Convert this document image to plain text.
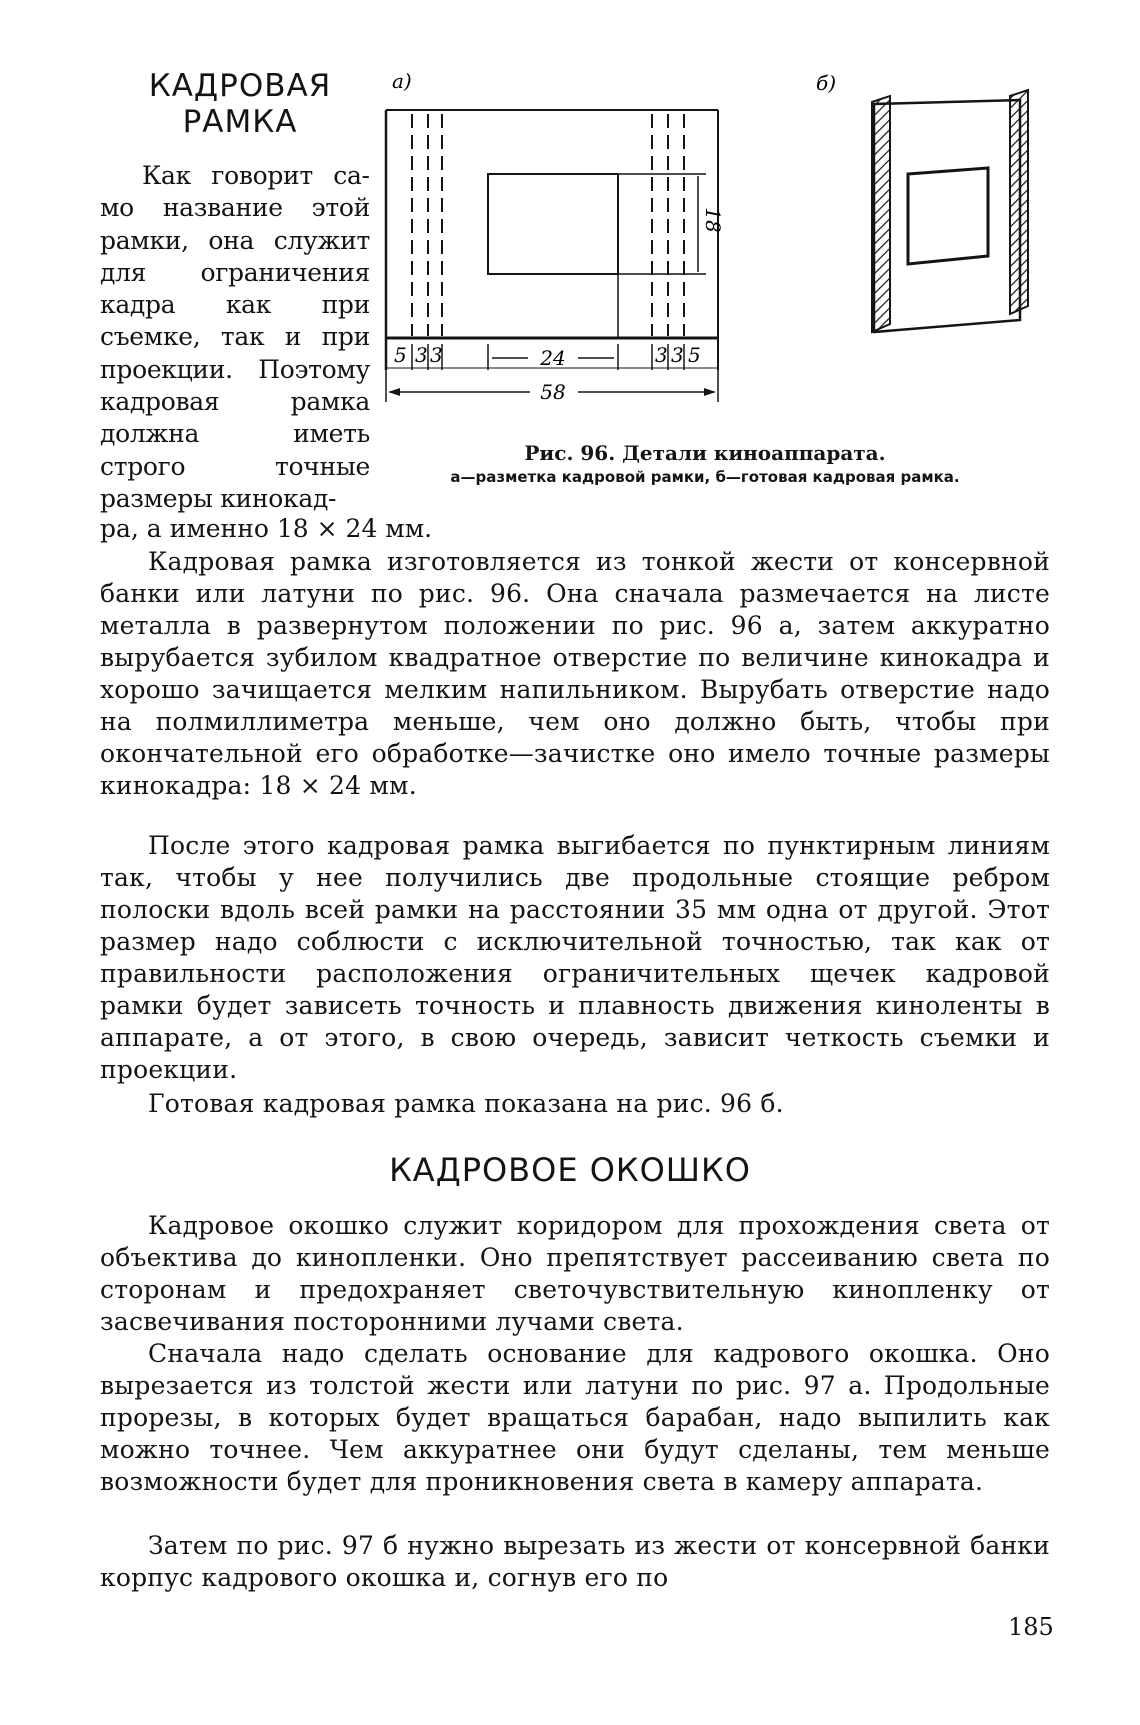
КАДРОВАЯ
РАМКА

Как говорит само название этой рамки, она служит для ограничения кадра как при съемке, так и при проекции. Поэтому кадровая рамка должна иметь строго точные размеры кинокад-

ра, а именно 18 × 24 мм.

а)
18
5 3 3	24	3 3 5
58
б)
Рис. 96. Детали киноаппарата.
а—разметка кадровой рамки, б—готовая кадровая рамка.

Кадровая рамка изготовляется из тонкой жести от консервной банки или латуни по рис. 96. Она сначала размечается на листе металла в развернутом положении по рис. 96 а, затем аккуратно вырубается зубилом квадратное отверстие по величине кинокадра и хорошо зачищается мелким напильником. Вырубать отверстие надо на полмиллиметра меньше, чем оно должно быть, чтобы при окончательной его обработке—зачистке оно имело точные размеры кинокадра: 18 × 24 мм.

После этого кадровая рамка выгибается по пунктирным линиям так, чтобы у нее получились две продольные стоящие ребром полоски вдоль всей рамки на расстоянии 35 мм одна от другой. Этот размер надо соблюсти с исключительной точностью, так как от правильности расположения ограничительных щечек кадровой рамки будет зависеть точность и плавность движения киноленты в аппарате, а от этого, в свою очередь, зависит четкость съемки и проекции.

Готовая кадровая рамка показана на рис. 96 б.

КАДРОВОЕ ОКОШКО

Кадровое окошко служит коридором для прохождения света от объектива до кинопленки. Оно препятствует рассеиванию света по сторонам и предохраняет светочувствительную кинопленку от засвечивания посторонними лучами света.

Сначала надо сделать основание для кадрового окошка. Оно вырезается из толстой жести или латуни по рис. 97 а. Продольные прорезы, в которых будет вращаться барабан, надо выпилить как можно точнее. Чем аккуратнее они будут сделаны, тем меньше возможности будет для проникновения света в камеру аппарата.

Затем по рис. 97 б нужно вырезать из жести от консервной банки корпус кадрового окошка и, согнув его по

185
